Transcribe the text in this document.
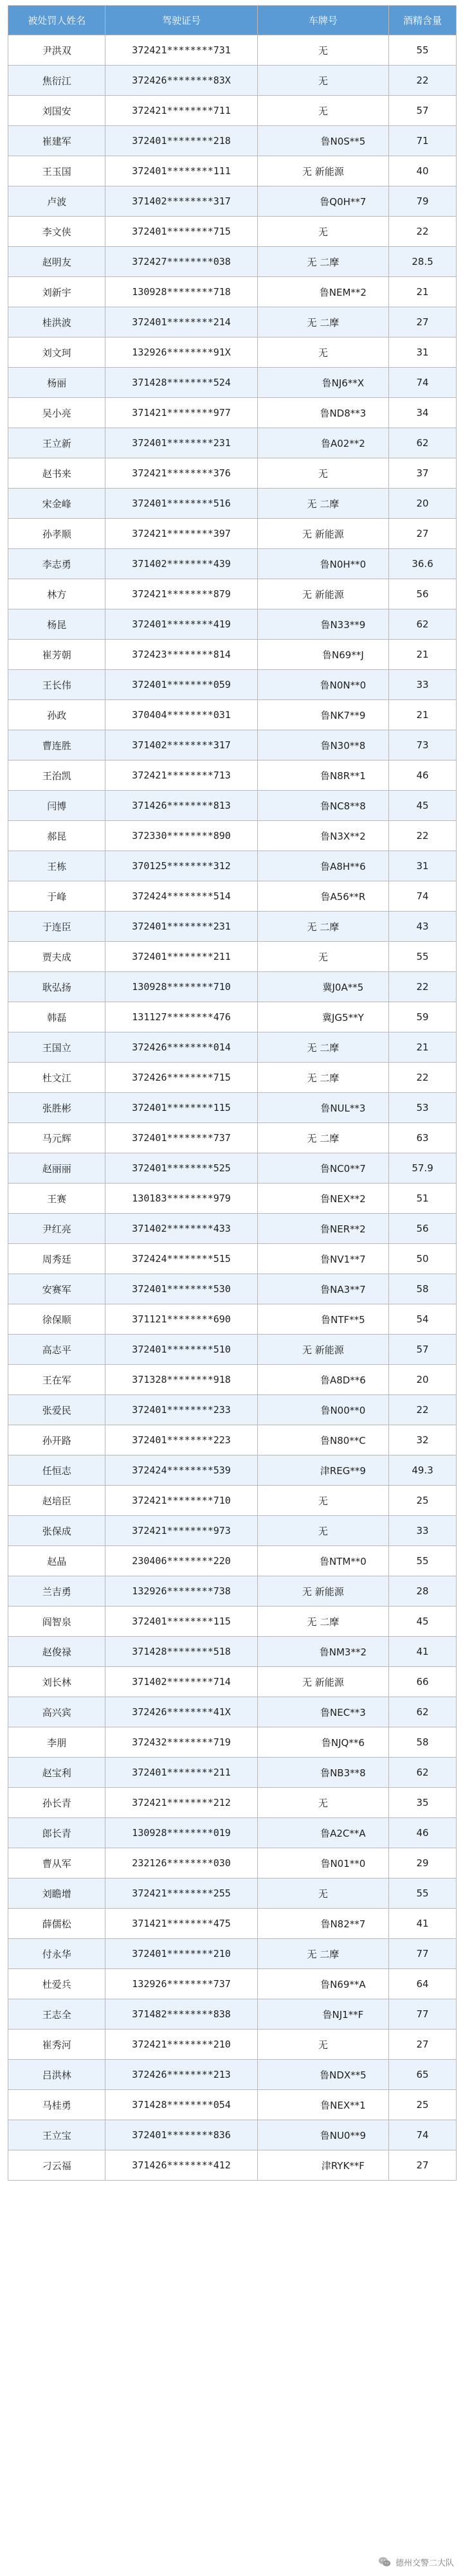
被处罚人姓名	驾驶证号	车牌号	酒精含量
尹洪双	372421********731	无	55
焦衍江	372426********83X	无	22
刘国安	372421********711	无	57
崔建军	372401********218	鲁N0S**5	71
王玉国	372401********111	无 新能源	40
卢波	371402********317	鲁Q0H**7	79
李文侠	372401********715	无	22
赵明友	372427********038	无 二摩	28.5
刘新宇	130928********718	鲁NEM**2	21
桂洪波	372401********214	无 二摩	27
刘文珂	132926********91X	无	31
杨丽	371428********524	鲁NJ6**X	74
吴小亮	371421********977	鲁ND8**3	34
王立新	372401********231	鲁A02**2	62
赵书来	372421********376	无	37
宋金峰	372401********516	无 二摩	20
孙孝顺	372421********397	无 新能源	27
李志勇	371402********439	鲁N0H**0	36.6
林方	372421********879	无 新能源	56
杨昆	372401********419	鲁N33**9	62
崔芳朝	372423********814	鲁N69**J	21
王长伟	372401********059	鲁N0N**0	33
孙政	370404********031	鲁NK7**9	21
曹连胜	371402********317	鲁N30**8	73
王治凯	372421********713	鲁N8R**1	46
闫博	371426********813	鲁NC8**8	45
郝昆	372330********890	鲁N3X**2	22
王栋	370125********312	鲁A8H**6	31
于峰	372424********514	鲁A56**R	74
于连臣	372401********231	无 二摩	43
贾夫成	372401********211	无	55
耿弘扬	130928********710	冀J0A**5	22
韩磊	131127********476	冀JG5**Y	59
王国立	372426********014	无 二摩	21
杜文江	372426********715	无 二摩	22
张胜彬	372401********115	鲁NUL**3	53
马元辉	372401********737	无 二摩	63
赵丽丽	372401********525	鲁NC0**7	57.9
王赛	130183********979	鲁NEX**2	51
尹红亮	371402********433	鲁NER**2	56
周秀廷	372424********515	鲁NV1**7	50
安赛军	372401********530	鲁NA3**7	58
徐保顺	371121********690	鲁NTF**5	54
高志平	372401********510	无 新能源	57
王在军	371328********918	鲁A8D**6	20
张爱民	372401********233	鲁N00**0	22
孙开路	372401********223	鲁N80**C	32
任恒志	372424********539	津REG**9	49.3
赵培臣	372421********710	无	25
张保成	372421********973	无	33
赵晶	230406********220	鲁NTM**0	55
兰吉勇	132926********738	无 新能源	28
阎智泉	372401********115	无 二摩	45
赵俊禄	371428********518	鲁NM3**2	41
刘长林	371402********714	无 新能源	66
高兴宾	372426********41X	鲁NEC**3	62
李朋	372432********719	鲁NJQ**6	58
赵宝利	372401********211	鲁NB3**8	62
孙长青	372421********212	无	35
郎长青	130928********019	鲁A2C**A	46
曹从军	232126********030	鲁N01**0	29
刘瞻增	372421********255	无	55
薛儒松	371421********475	鲁N82**7	41
付永华	372401********210	无 二摩	77
杜爱兵	132926********737	鲁N69**A	64
王志全	371482********838	鲁NJ1**F	77
崔秀河	372421********210	无	27
吕洪林	372426********213	鲁NDX**5	65
马桂勇	371428********054	鲁NEX**1	25
王立宝	372401********836	鲁NU0**9	74
刁云福	371426********412	津RYK**F	27
德州交警二大队
